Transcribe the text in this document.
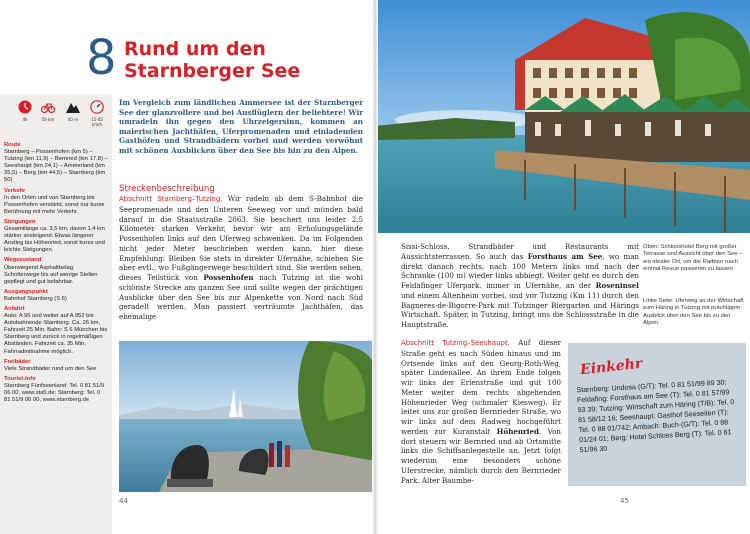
8 Rund um den
Starnberger See
4h	50 km	40 m	15-45 km/h
Route
Starnberg – Possenhofen (km 5) – Tutzing (km 11,9) – Bernried (km 17,8) – Seeshaupt (km 24,1) – Ammerland (km 35,5) – Berg (km 44,5) – Starnberg (km 50)
Verkehr
In den Orten und von Starnberg bis Possenhofen verstärkt, sonst nur kurze Berührung mit mehr Verkehr.
Steigungen
Gesamtlänge ca. 3,5 km, davon 1,4 km stärker ansteigend. Etwas längerer Anstieg bis Höhenried, sonst kurze und leichte Steigungen.
Wegezustand
Überwiegend Asphaltbelag, Schotterwege bis auf wenige Stellen gepflegt und gut befahrbar.
Ausgangspunkt
Bahnhof Starnberg (S 6)
Anfahrt
Auto: A 95 und weiter auf A 952 bis Autobahnende Starnberg. Ca. 26 km, Fahrzeit 25 Min. Bahn: S 6 München bis Starnberg und zurück in regelmäßigen Abständen. Fahrzeit ca. 35 Min. Fahrradmitnahme möglich.
Freibäder
Viele Strandbäder rund um den See
Tourist-Info
Starnberg Fünfseenland: Tel. 0 81 51/9 06 00, www.sta5.de; Starnberg: Tel. 0 81 51/9 06 00, www.starnberg.de

Im Vergleich zum ländlichen Ammersee ist der Starnberger See der glanzvollere und bei Ausflüglern der beliebtere! Wir umradeln ihn gegen den Uhrzeigersinn, kommen an malerischen Jachthäfen, Uferpromenaden und einladenden Gasthöfen und Strandbädern vorbei und werden verwöhnt mit schönen Ausblicken über den See bis hin zu den Alpen.

Streckenbeschreibung

Abschnitt Starnberg–Tutzing. Wir radeln ab dem S-Bahnhof die Seepromenade und den Unteren Seeweg vor und münden bald darauf in die Staatsstraße 2063. Sie beschert uns leider 2,5 Kilometer starken Verkehr, bevor wir am Erholungsgelände Possenhofen links auf den Uferweg schwenken. Da im Folgenden nicht jeder Meter beschrieben werden kann, hier diese Empfehlung: Bleiben Sie stets in direkter Ufernähe, schieben Sie aber evtl., wo Fußgängerwege beschildert sind. Sie werden sehen, dieses Teilstück von Possenhofen nach Tutzing ist die wohl schönste Strecke am ganzen See und sollte wegen der prächtigen Ausblicke über den See bis zur Alpenkette von Nord nach Süd geradelt werden. Man passiert verträumte Jachthäfen, das ehemalige

44

Sissi-Schloss, Strandbäder und Restaurants mit Aussichtsterrassen. So auch das Forsthaus am See, wo man direkt danach rechts, nach 100 Metern links und nach der Schranke (100 m) wieder links abbiegt. Weiter geht es durch den Feldafinger Uferpark, immer in Ufernähe, an der Roseninsel und einem Altenheim vorbei, und vor Tutzing (Km 11) durch den Bagneres-de-Bigorre-Park mit Tutzinger Biergarten und Härings Wirtschaft. Später, in Tutzing, bringt uns die Schlossstraße in die Hauptstraße.

Oben: Schlosshotel Berg mit großer Terrasse und Aussicht über den See – ein idealer Ort, um die Radtour nach einmal Revue passieren zu lassen.

Linke Seite: Uferweg an der Wirtschaft zum Häring in Tutzing mit prächtigem Ausblick über den See bis zu den Alpen.

Abschnitt Tutzing–Seeshaupt. Auf dieser Straße geht es nach Süden hinaus und im Ortsende links auf den Georg-Roth-Weg, später Lindenallee. An ihrem Ende folgen wir links der Erlenstraße und gut 100 Meter weiter dem rechts abgehenden Höhenrieder Weg (schmaler Kiesweg). Er leitet uns zur großen Bernrieder Straße, wo wir links auf dem Radweg hochgeführt werden zur Kuranstalt Höhenried. Von dort steuern wir Bernried und ab Ortsmitte links die Schiffsanlegestelle an. Jetzt folgt wiederum eine besonders schöne Uferstrecke, nämlich durch den Bernrieder Park. Alter Baumbe-

Einkehr

Starnberg: Undosa (G/T): Tel. 0 81 51/99 89 30; Feldafing: Forsthaus am See (T): Tel. 0 81 57/99 93 39; Tutzing: Wirtschaft zum Häring (T/B): Tel. 0 81 58/12 16; Seeshaupt: Gasthof Seeseiten (T): Tel. 0 88 01/742; Ambach: Buch-(G/T): Tel. 0 88 01/24 01; Berg: Hotel Schloss Berg (T): Tel. 0 81 51/96 30

45
